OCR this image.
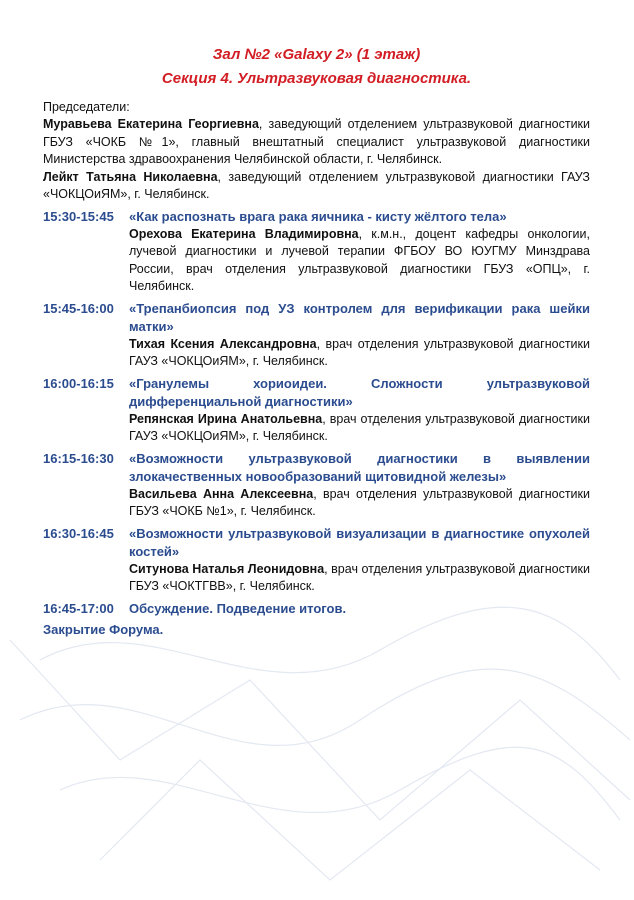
Зал №2 «Galaxy 2» (1 этаж)
Секция 4. Ультразвуковая диагностика.
Председатели:

Муравьева Екатерина Георгиевна, заведующий отделением ультразвуковой диагностики ГБУЗ «ЧОКБ №1», главный внештатный специалист ультразвуковой диагностики Министерства здравоохранения Челябинской области, г. Челябинск.

Лейкт Татьяна Николаевна, заведующий отделением ультразвуковой диагностики ГАУЗ «ЧОКЦОиЯМ», г. Челябинск.

15:30-15:45	«Как распознать врага рака яичника - кисту жёлтого тела»
Орехова Екатерина Владимировна, к.м.н., доцент кафедры онкологии, лучевой диагностики и лучевой терапии ФГБОУ ВО ЮУГМУ Минздрава России, врач отделения ультразвуковой диагностики ГБУЗ «ОПЦ», г. Челябинск.
15:45-16:00	«Трепанбиопсия под УЗ контролем для верификации рака шейки матки»
Тихая Ксения Александровна, врач отделения ультразвуковой диагностики ГАУЗ «ЧОКЦОиЯМ», г. Челябинск.
16:00-16:15	«Гранулемы хориоидеи. Сложности ультразвуковой дифференциальной диагностики»
Репянская Ирина Анатольевна, врач отделения ультразвуковой диагностики ГАУЗ «ЧОКЦОиЯМ», г. Челябинск.
16:15-16:30	«Возможности ультразвуковой диагностики в выявлении злокачественных новообразований щитовидной железы»
Васильева Анна Алексеевна, врач отделения ультразвуковой диагностики ГБУЗ «ЧОКБ №1», г. Челябинск.
16:30-16:45	«Возможности ультразвуковой визуализации в диагностике опухолей костей»
Ситунова Наталья Леонидовна, врач отделения ультразвуковой диагностики ГБУЗ «ЧОКТГВВ», г. Челябинск.
16:45-17:00	Обсуждение. Подведение итогов.
Закрытие Форума.
